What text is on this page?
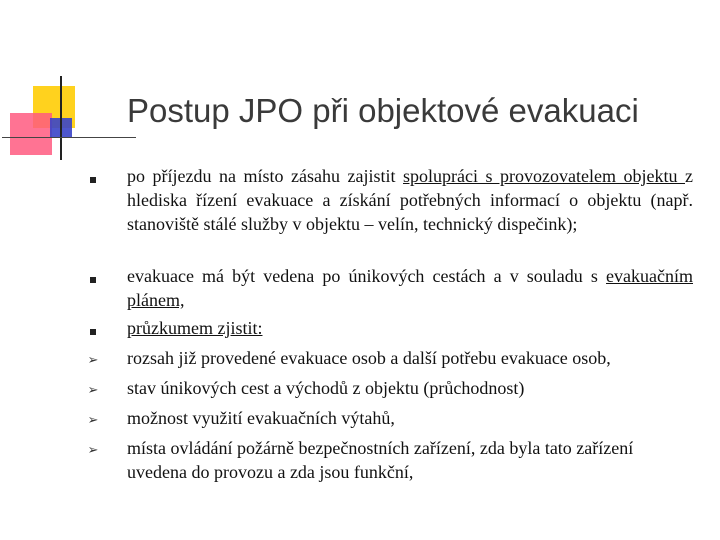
Postup JPO při objektové evakuaci
po příjezdu na místo zásahu zajistit spolupráci s provozovatelem objektu z hlediska řízení evakuace a získání potřebných informací o objektu (např. stanoviště stálé služby v objektu – velín, technický dispečink);
evakuace má být vedena po únikových cestách a v souladu s evakuačním plánem,
průzkumem zjistit:
➢ rozsah již provedené evakuace osob a další potřebu evakuace osob,
➢ stav únikových cest a východů z objektu (průchodnost)
➢ možnost využití evakuačních výtahů,
➢ místa ovládání požárně bezpečnostních zařízení, zda byla tato zařízení uvedena do provozu a zda jsou funkční,
